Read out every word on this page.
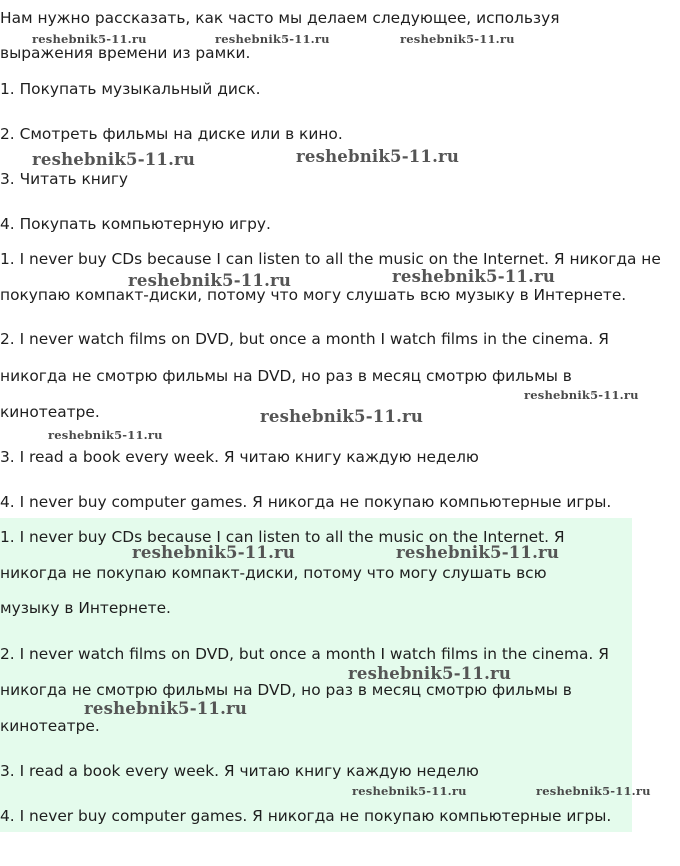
Нам нужно рассказать, как часто мы делаем следующее, используя
выражения времени из рамки.
1. Покупать музыкальный диск.
2. Смотреть фильмы на диске или в кино.
3. Читать книгу
4. Покупать компьютерную игру.
1. I never buy CDs because I can listen to all the music on the Internet. Я никогда не
покупаю компакт-диски, потому что могу слушать всю музыку в Интернете.
2. I never watch films on DVD, but once a month I watch films in the cinema. Я
никогда не смотрю фильмы на DVD, но раз в месяц смотрю фильмы в
кинотеатре.
3. I read a book every week. Я читаю книгу каждую неделю
4. I never buy computer games. Я никогда не покупаю компьютерные игры.
1. I never buy CDs because I can listen to all the music on the Internet. Я
никогда не покупаю компакт-диски, потому что могу слушать всю
музыку в Интернете.
2. I never watch films on DVD, but once a month I watch films in the cinema. Я
никогда не смотрю фильмы на DVD, но раз в месяц смотрю фильмы в
кинотеатре.
3. I read a book every week. Я читаю книгу каждую неделю
4. I never buy computer games. Я никогда не покупаю компьютерные игры.
reshebnik5-11.ru	reshebnik5-11.ru	reshebnik5-11.ru
reshebnik5-11.ru	reshebnik5-11.ru
reshebnik5-11.ru	reshebnik5-11.ru
reshebnik5-11.ru
reshebnik5-11.ru
reshebnik5-11.ru
reshebnik5-11.ru	reshebnik5-11.ru
reshebnik5-11.ru
reshebnik5-11.ru
reshebnik5-11.ru	reshebnik5-11.ru
